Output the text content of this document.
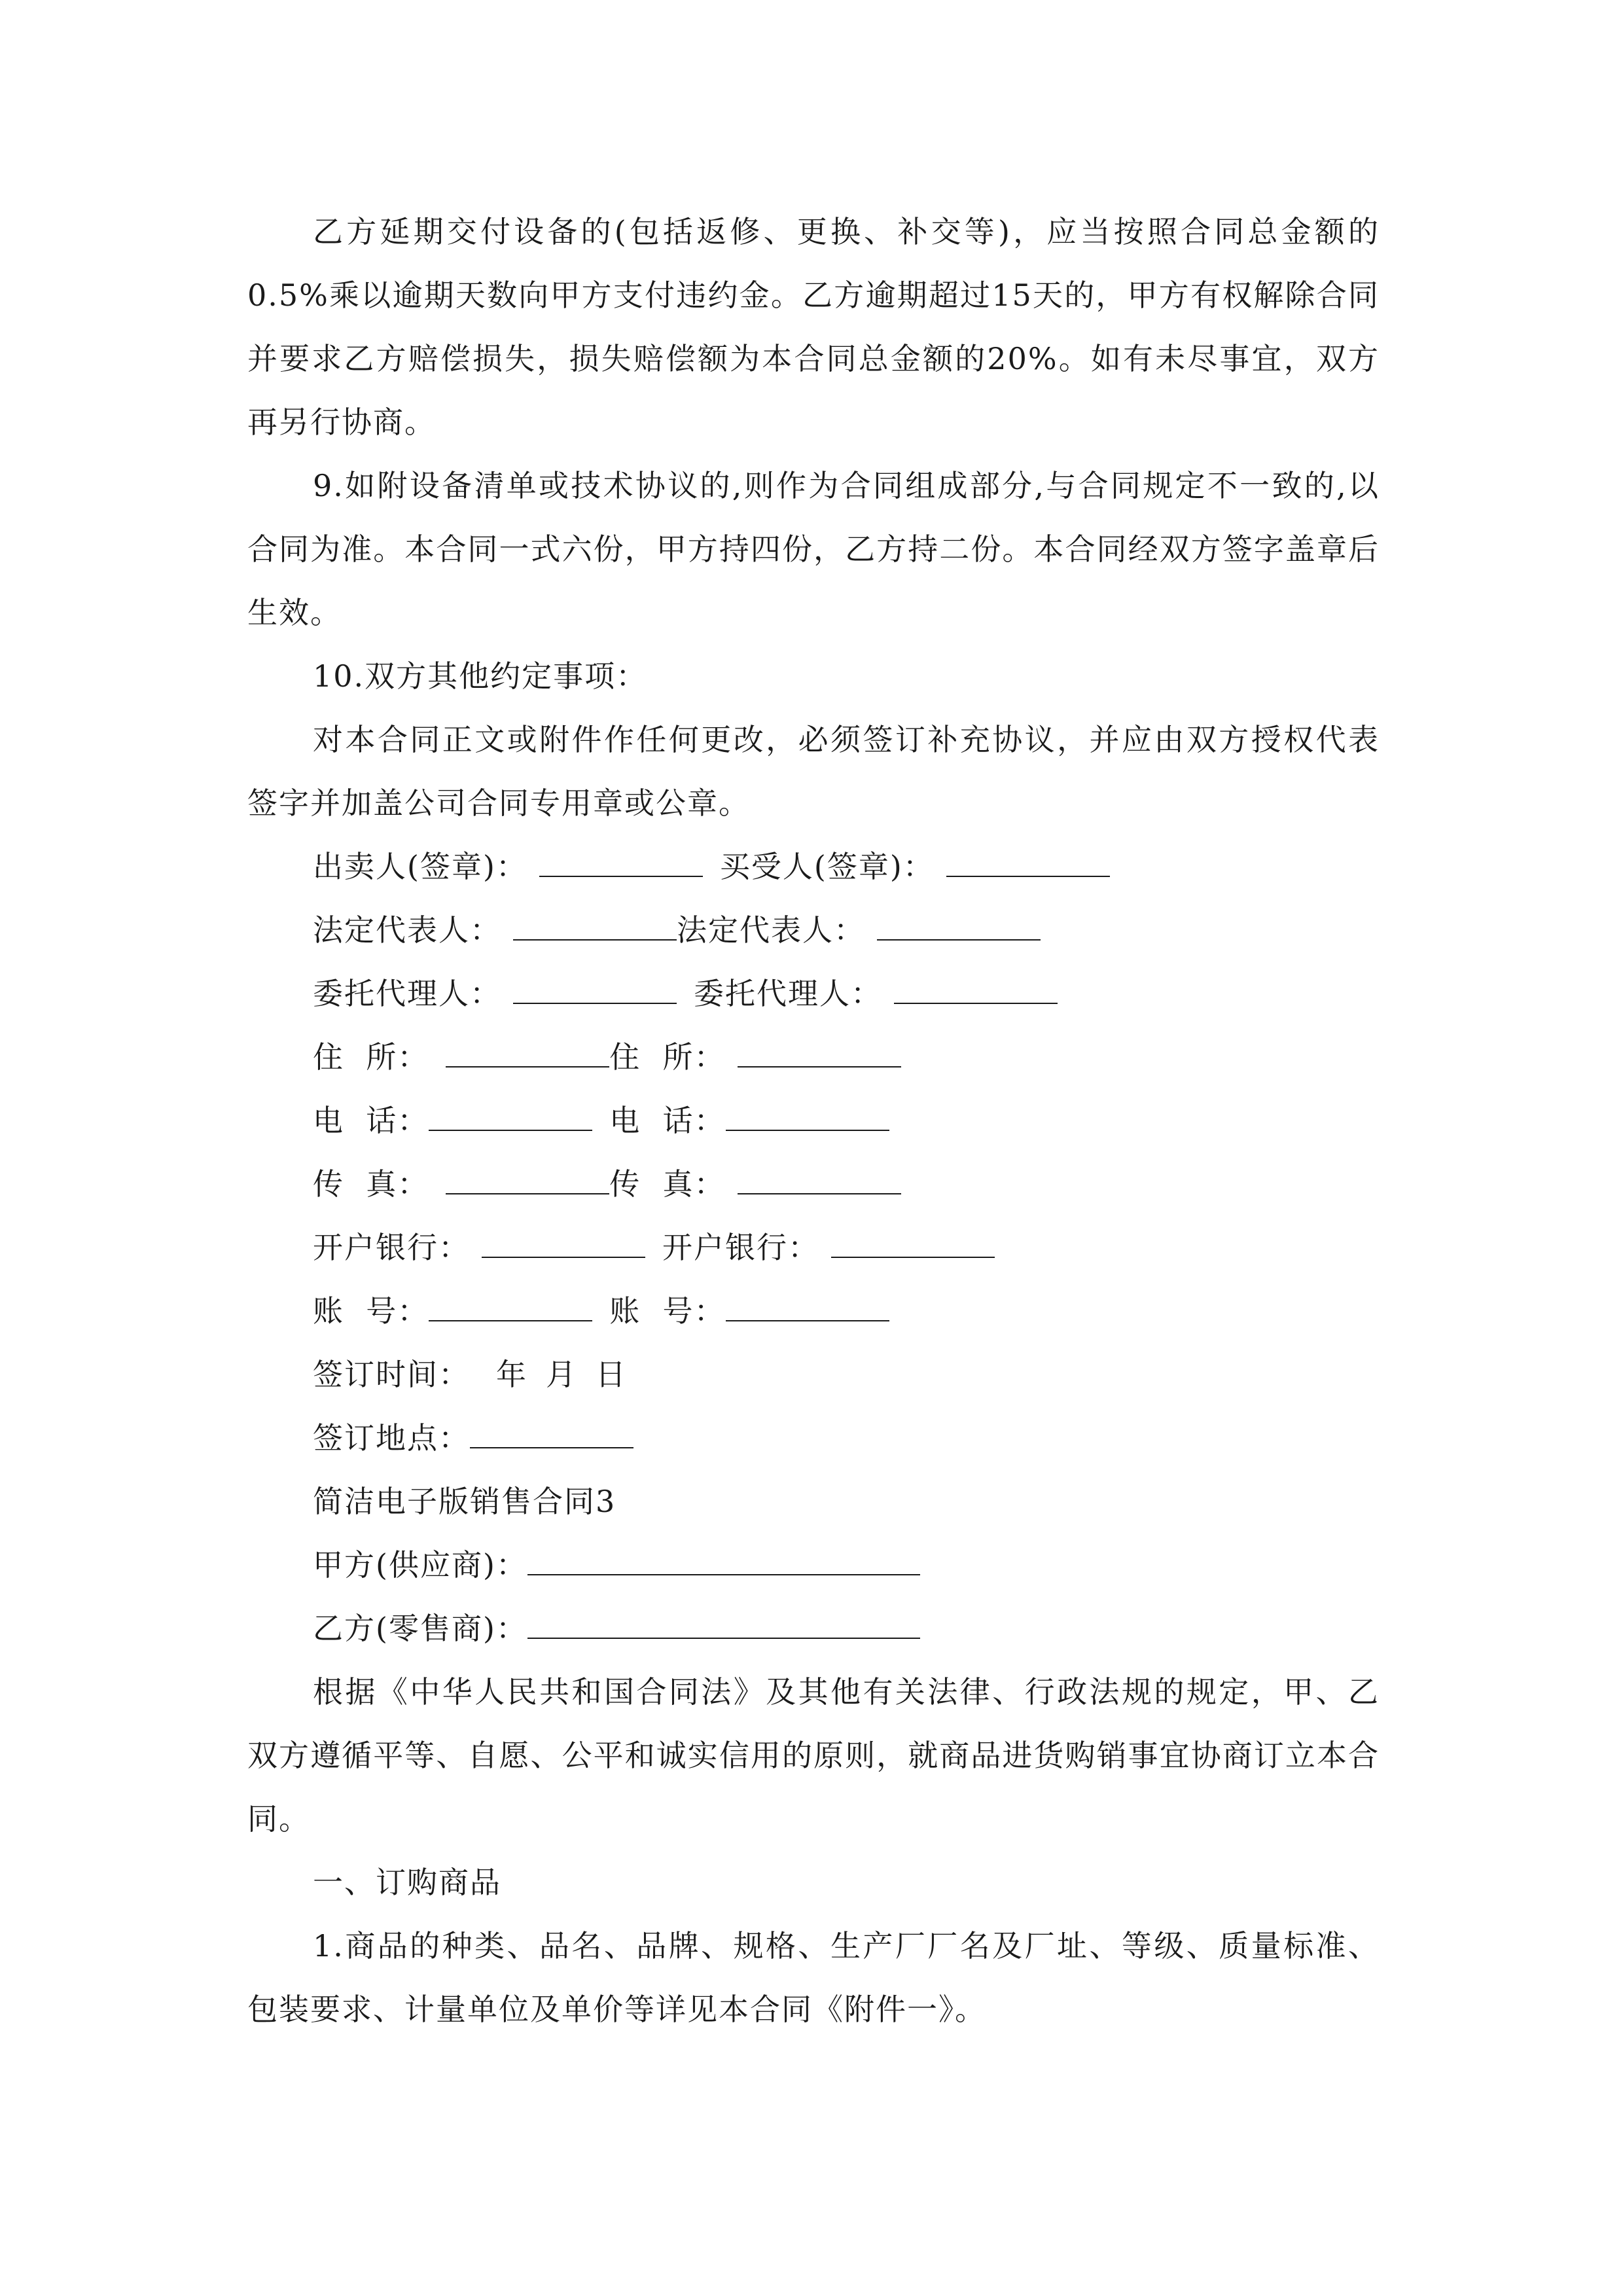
乙方延期交付设备的(包括返修、更换、补交等)，应当按照合同总金额的0.5%乘以逾期天数向甲方支付违约金。乙方逾期超过15天的，甲方有权解除合同并要求乙方赔偿损失，损失赔偿额为本合同总金额的20%。如有未尽事宜，双方再另行协商。

9.如附设备清单或技术协议的,则作为合同组成部分,与合同规定不一致的,以合同为准。本合同一式六份，甲方持四份，乙方持二份。本合同经双方签字盖章后生效。

10.双方其他约定事项：

对本合同正文或附件作任何更改，必须签订补充协议，并应由双方授权代表签字并加盖公司合同专用章或公章。

出卖人(签章)：	买受人(签章)：
法定代表人：	法定代表人：
委托代理人：	委托代理人：
住  所：	住  所：
电  话：	电  话：
传  真：	传  真：
开户银行：	开户银行：
账  号：	账  号：
签订时间： 年 月 日
签订地点：
简洁电子版销售合同3
甲方(供应商)：
乙方(零售商)：

根据《中华人民共和国合同法》及其他有关法律、行政法规的规定，甲、乙双方遵循平等、自愿、公平和诚实信用的原则，就商品进货购销事宜协商订立本合同。

一、订购商品

1.商品的种类、品名、品牌、规格、生产厂厂名及厂址、等级、质量标准、包装要求、计量单位及单价等详见本合同《附件一》。
